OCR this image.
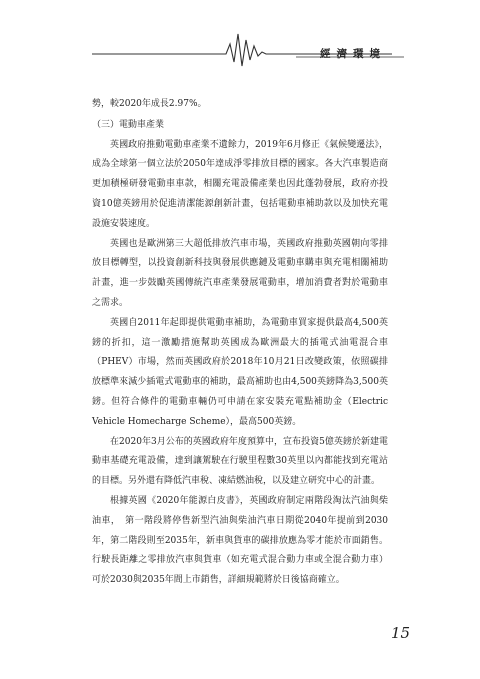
經濟環境

勢，較2020年成長2.97%。

（三）電動車產業

英國政府推動電動車產業不遺餘力，2019年6月修正《氣候變遷法》，成為全球第一個立法於2050年達成淨零排放目標的國家。各大汽車製造商更加積極研發電動車車款，相關充電設備產業也因此蓬勃發展，政府亦投資10億英鎊用於促進清潔能源創新計畫，包括電動車補助款以及加快充電設施安裝速度。

英國也是歐洲第三大超低排放汽車市場，英國政府推動英國朝向零排放目標轉型，以投資創新科技與發展供應鏈及電動車購車與充電相關補助計畫，進一步鼓勵英國傳統汽車產業發展電動車，增加消費者對於電動車之需求。

英國自2011年起即提供電動車補助，為電動車買家提供最高4,500英鎊的折扣，這一激勵措施幫助英國成為歐洲最大的插電式油電混合車（PHEV）市場，然而英國政府於2018年10月21日改變政策，依照碳排放標準來減少插電式電動車的補助，最高補助也由4,500英鎊降為3,500英鎊。但符合條件的電動車輛仍可申請在家安裝充電點補助金（Electric Vehicle Homecharge Scheme），最高500英鎊。

在2020年3月公布的英國政府年度預算中，宣布投資5億英鎊於新建電動車基礎充電設備，達到讓駕駛在行駛里程數30英里以內都能找到充電站的目標。另外還有降低汽車稅、凍結燃油稅，以及建立研究中心的計畫。

根據英國《2020年能源白皮書》，英國政府制定兩階段淘汰汽油與柴油車，　第一階段將停售新型汽油與柴油汽車日期從2040年提前到2030年，第二階段則至2035年，新車與貨車的碳排放應為零才能於市面銷售。行駛長距離之零排放汽車與貨車（如充電式混合動力車或全混合動力車）可於2030與2035年間上市銷售，詳細規範將於日後協商確立。

15
